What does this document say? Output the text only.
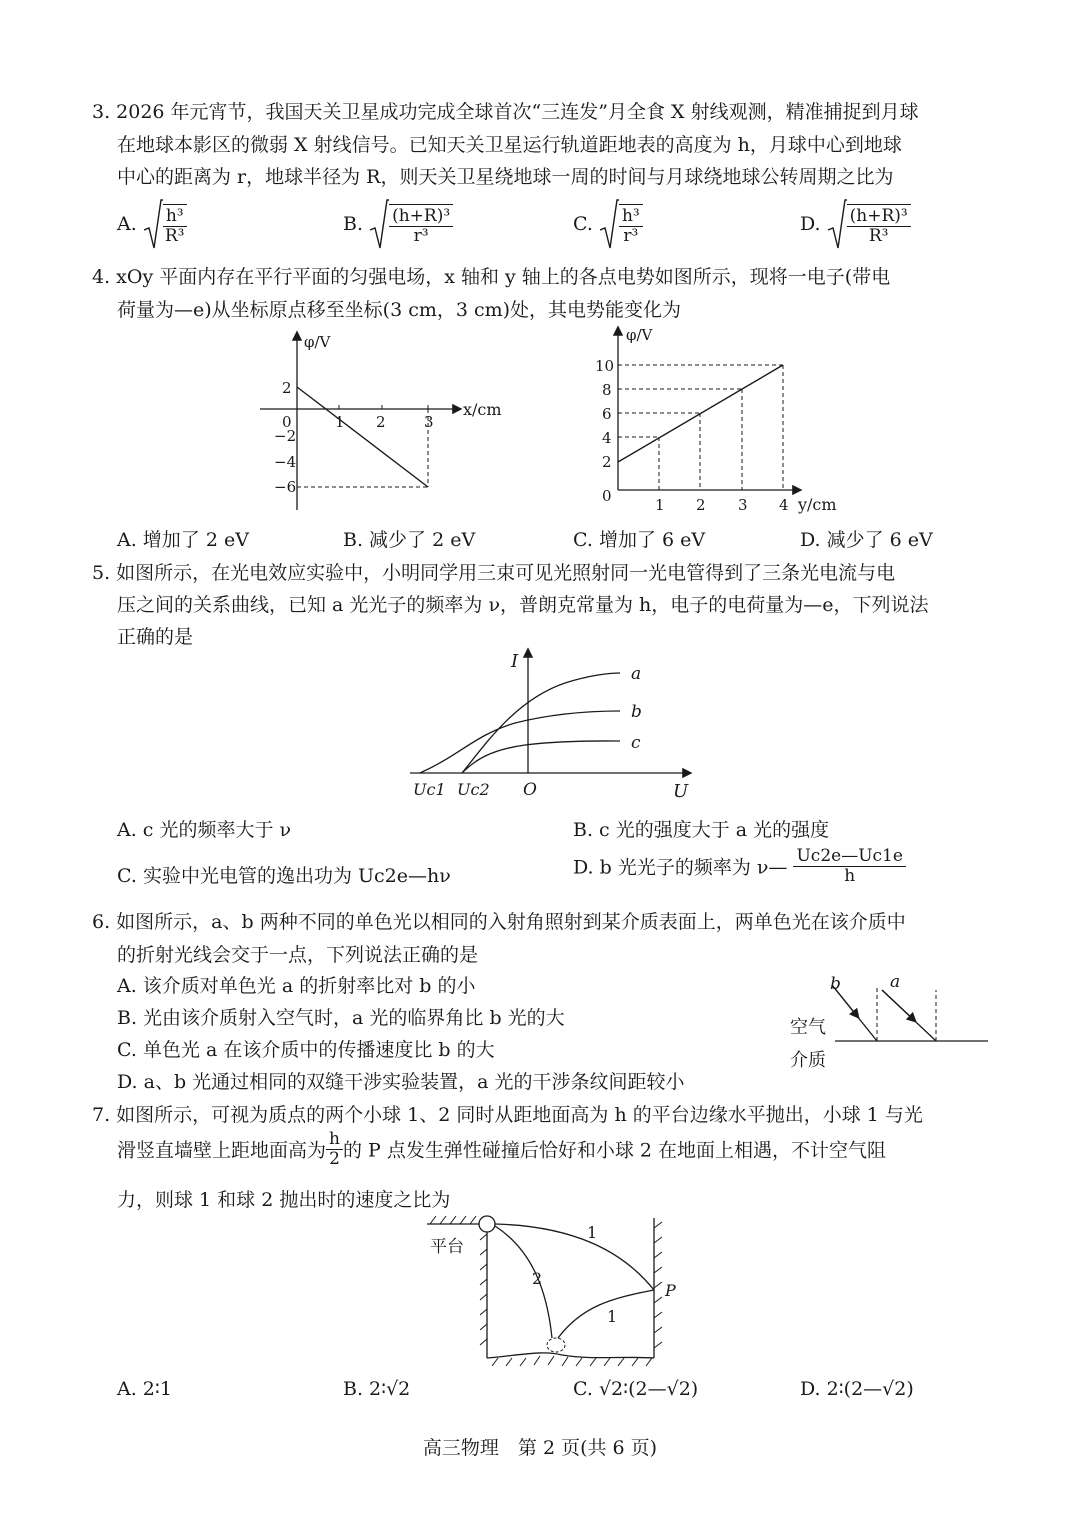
3. 2026 年元宵节，我国天关卫星成功完成全球首次“三连发”月全食 X 射线观测，精准捕捉到月球
在地球本影区的微弱 X 射线信号。已知天关卫星运行轨道距地表的高度为 h，月球中心到地球
中心的距离为 r，地球半径为 R，则天关卫星绕地球一周的时间与月球绕地球公转周期之比为
A. $\frac{\text{h³}}{\text{R³}}$	B. $\frac{\text{(h+R)³}}{\text{r³}}$	C. $\frac{\text{h³}}{\text{r³}}$	D. $\frac{\text{(h+R)³}}{\text{R³}}$
4. xOy 平面内存在平行平面的匀强电场，x 轴和 y 轴上的各点电势如图所示，现将一电子(带电
荷量为—e)从坐标原点移至坐标(3 cm，3 cm)处，其电势能变化为
φ/V
x/cm
2
0
−2
−4
−6
1 2	3
φ/V
y/cm
10
8
6
4
2
0	1 2 3 4
A. 增加了 2 eV	B. 减少了 2 eV	C. 增加了 6 eV	D. 减少了 6 eV
5. 如图所示，在光电效应实验中，小明同学用三束可见光照射同一光电管得到了三条光电流与电
压之间的关系曲线，已知 a 光光子的频率为 ν，普朗克常量为 h，电子的电荷量为—e，下列说法
正确的是
I
U
O
Uc1 Uc2
a
b
c
A. c 光的频率大于 ν	B. c 光的强度大于 a 光的强度
C. 实验中光电管的逸出功为 Uc2e—hν	D. b 光光子的频率为 ν— $\frac{Uc2e—Uc1e}{h}$
6. 如图所示，a、b 两种不同的单色光以相同的入射角照射到某介质表面上，两单色光在该介质中
的折射光线会交于一点，下列说法正确的是
A. 该介质对单色光 a 的折射率比对 b 的小
B. 光由该介质射入空气时，a 光的临界角比 b 光的大
C. 单色光 a 在该介质中的传播速度比 b 的大
D. a、b 光通过相同的双缝干涉实验装置，a 光的干涉条纹间距较小
b	a
空气
介质
7. 如图所示，可视为质点的两个小球 1、2 同时从距地面高为 h 的平台边缘水平抛出，小球 1 与光
滑竖直墙壁上距地面高为 $\frac{h}{2}$ 的 P 点发生弹性碰撞后恰好和小球 2 在地面上相遇，不计空气阻
力，则球 1 和球 2 抛出时的速度之比为
平台
1
2
P
1
A. 2∶1	B. 2∶√2	C. √2∶(2—√2)	D. 2∶(2—√2)
高三物理　第 2 页(共 6 页)
